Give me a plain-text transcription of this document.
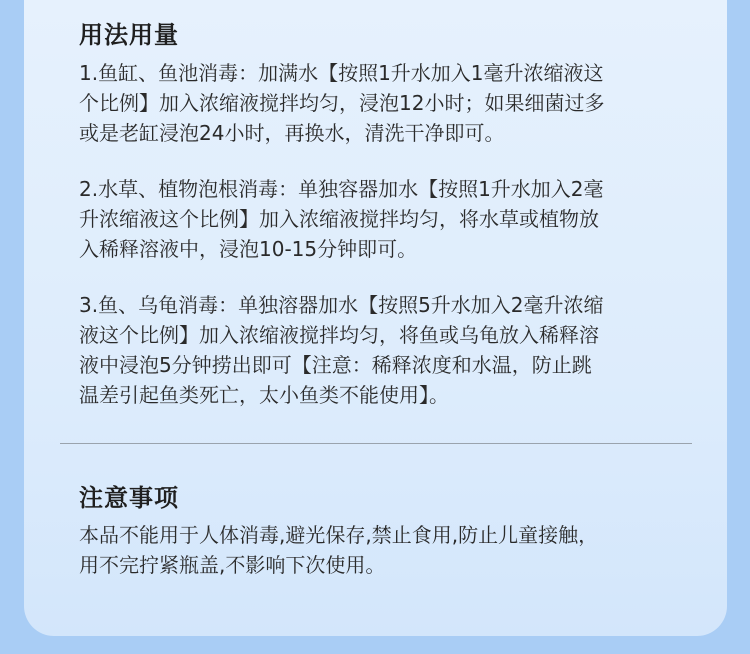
用法用量

1.鱼缸、鱼池消毒：加满水【按照1升水加入1毫升浓缩液这
个比例】加入浓缩液搅拌均匀，浸泡12小时；如果细菌过多
或是老缸浸泡24小时，再换水，清洗干净即可。

2.水草、植物泡根消毒：单独容器加水【按照1升水加入2毫
升浓缩液这个比例】加入浓缩液搅拌均匀，将水草或植物放
入稀释溶液中，浸泡10-15分钟即可。

3.鱼、乌龟消毒：单独溶器加水【按照5升水加入2毫升浓缩
液这个比例】加入浓缩液搅拌均匀，将鱼或乌龟放入稀释溶
液中浸泡5分钟捞出即可【注意：稀释浓度和水温，防止跳
温差引起鱼类死亡，太小鱼类不能使用】。

注意事项

本品不能用于人体消毒,避光保存,禁止食用,防止儿童接触，
用不完拧紧瓶盖,不影响下次使用。
